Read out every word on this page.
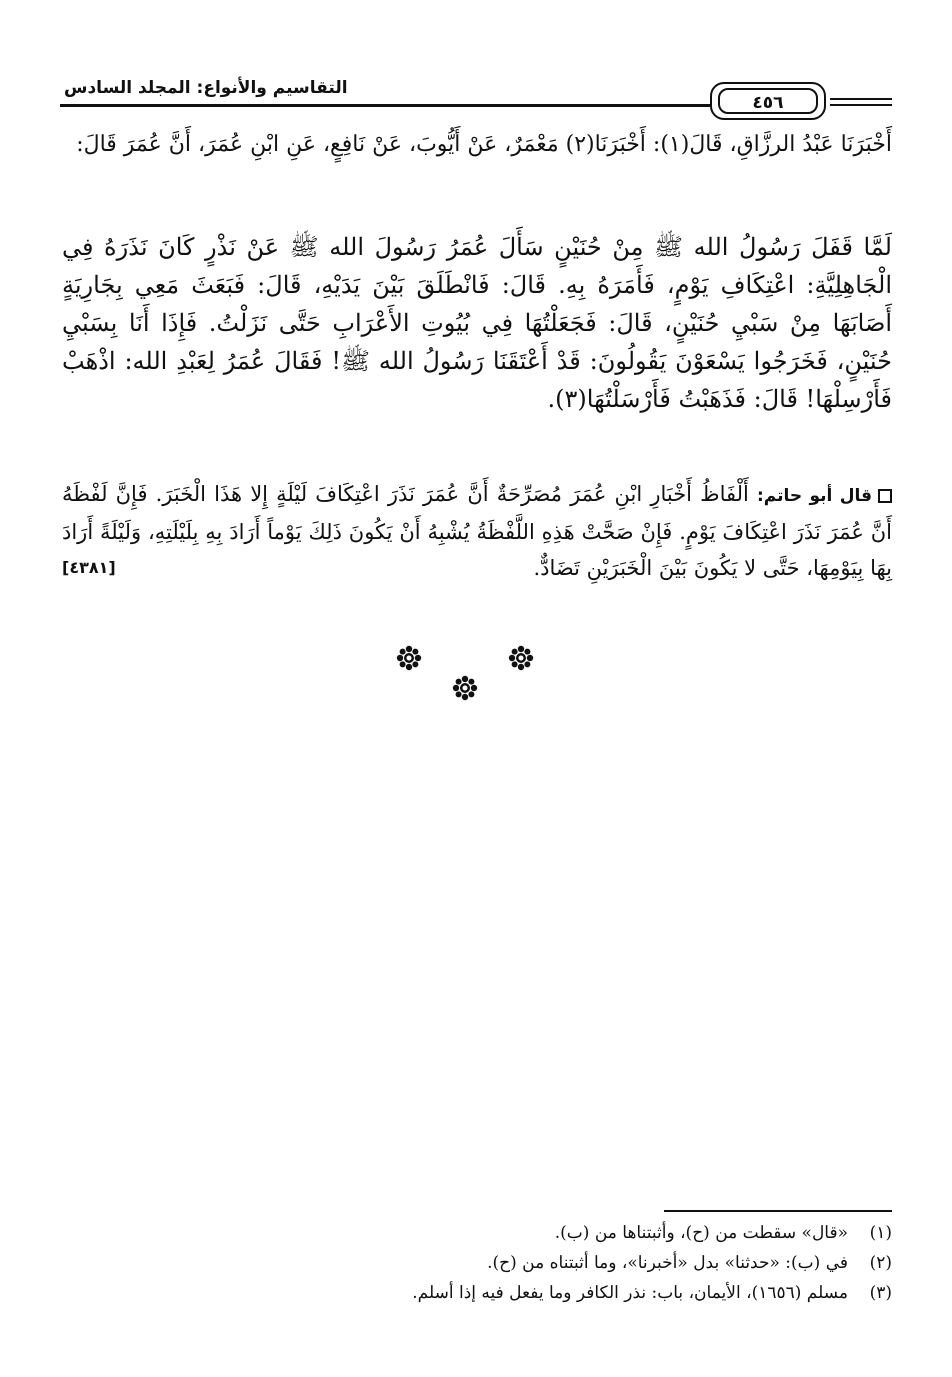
التقاسيم والأنواع: المجلد السادس
٤٥٦

أَخْبَرَنَا عَبْدُ الرزَّاقِ، قَالَ(١): أَخْبَرَنَا(٢) مَعْمَرٌ، عَنْ أَيُّوبَ، عَنْ نَافِعٍ، عَنِ ابْنِ عُمَرَ، أَنَّ عُمَرَ قَالَ:

لَمَّا قَفَلَ رَسُولُ الله ﷺ مِنْ حُنَيْنٍ سَأَلَ عُمَرُ رَسُولَ الله ﷺ عَنْ نَذْرٍ كَانَ نَذَرَهُ فِي الْجَاهِلِيَّةِ: اعْتِكَافِ يَوْمٍ، فَأَمَرَهُ بِهِ. قَالَ: فَانْطَلَقَ بَيْنَ يَدَيْهِ، قَالَ: فَبَعَثَ مَعِي بِجَارِيَةٍ أَصَابَهَا مِنْ سَبْيِ حُنَيْنٍ، قَالَ: فَجَعَلْتُهَا فِي بُيُوتِ الأَعْرَابِ حَتَّى نَزَلْتُ. فَإِذَا أَنَا بِسَبْيِ حُنَيْنٍ، فَخَرَجُوا يَسْعَوْنَ يَقُولُونَ: قَدْ أَعْتَقَنَا رَسُولُ الله ﷺ! فَقَالَ عُمَرُ لِعَبْدِ الله: اذْهَبْ فَأَرْسِلْهَا! قَالَ: فَذَهَبْتُ فَأَرْسَلْتُهَا(٣).

قال أبو حاتم: أَلْفَاظُ أَخْبَارِ ابْنِ عُمَرَ مُصَرِّحَةٌ أَنَّ عُمَرَ نَذَرَ اعْتِكَافَ لَيْلَةٍ إِلا هَذَا الْخَبَرَ. فَإِنَّ لَفْظَهُ أَنَّ عُمَرَ نَذَرَ اعْتِكَافَ يَوْمٍ. فَإِنْ صَحَّتْ هَذِهِ اللَّفْظَةُ يُشْبِهُ أَنْ يَكُونَ ذَلِكَ يَوْماً أَرَادَ بِهِ بِلَيْلَتِهِ، وَلَيْلَةً أَرَادَ بِهَا بِيَوْمِهَا، حَتَّى لا يَكُونَ بَيْنَ الْخَبَرَيْنِ تَضَادٌّ.
[٤٣٨١]

(١)«قال» سقطت من (ح)، وأثبتناها من (ب).
(٢)في (ب): «حدثنا» بدل «أخبرنا»، وما أثبتناه من (ح).
(٣)مسلم (١٦٥٦)، الأيمان، باب: نذر الكافر وما يفعل فيه إذا أسلم.
